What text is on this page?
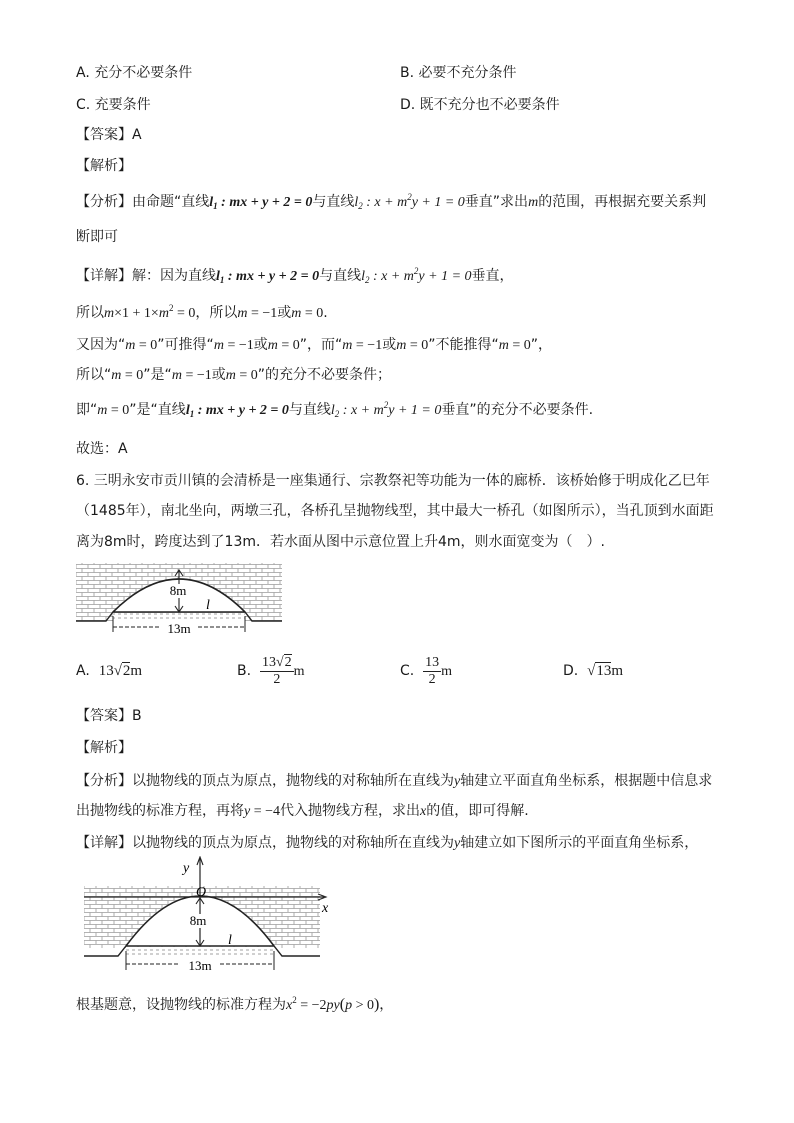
A. 充分不必要条件	B. 必要不充分条件
C. 充要条件	D. 既不充分也不必要条件
【答案】A
【解析】
【分析】由命题“直线$l_1$ : mx + y + 2 = 0与直线$l_2$ : $x + m^2y + 1 = 0$垂直”求出m的范围，再根据充要关系判
断即可
【详解】解：因为直线$l_1$ : mx + y + 2 = 0与直线$l_2$ : $x + m^2y + 1 = 0$垂直，
所以$m\times 1 + 1\times m^2 = 0$，所以m = −1或m = 0.
又因为“m = 0”可推得“m = −1或m = 0”，而“m = −1或m = 0”不能推得“m = 0”，
所以“m = 0”是“m = −1或m = 0”的充分不必要条件；
即“m = 0”是“直线$l_1$ : mx + y + 2 = 0与直线$l_2$ : $x + m^2y + 1 = 0$垂直”的充分不必要条件.
故选：A
6. 三明永安市贡川镇的会清桥是一座集通行、宗教祭祀等功能为一体的廊桥．该桥始修于明成化乙巳年
（1485年），南北坐向，两墩三孔，各桥孔呈抛物线型，其中最大一桥孔（如图所示），当孔顶到水面距
离为8m时，跨度达到了13m．若水面从图中示意位置上升4m，则水面宽变为（　）.
8m
l
13m
A. 13√2m	B. $\frac{13√2}{2}$ m	C. $\frac{13}{2}$ m	D. √13m
【答案】B
【解析】
【分析】以抛物线的顶点为原点，抛物线的对称轴所在直线为y轴建立平面直角坐标系，根据题中信息求
出抛物线的标准方程，再将y = −4代入抛物线方程，求出x的值，即可得解.
【详解】以抛物线的顶点为原点，抛物线的对称轴所在直线为y轴建立如下图所示的平面直角坐标系，
y
O
x
8m
l
13m
根基题意，设抛物线的标准方程为$x^2 = -2py(p > 0)$，
